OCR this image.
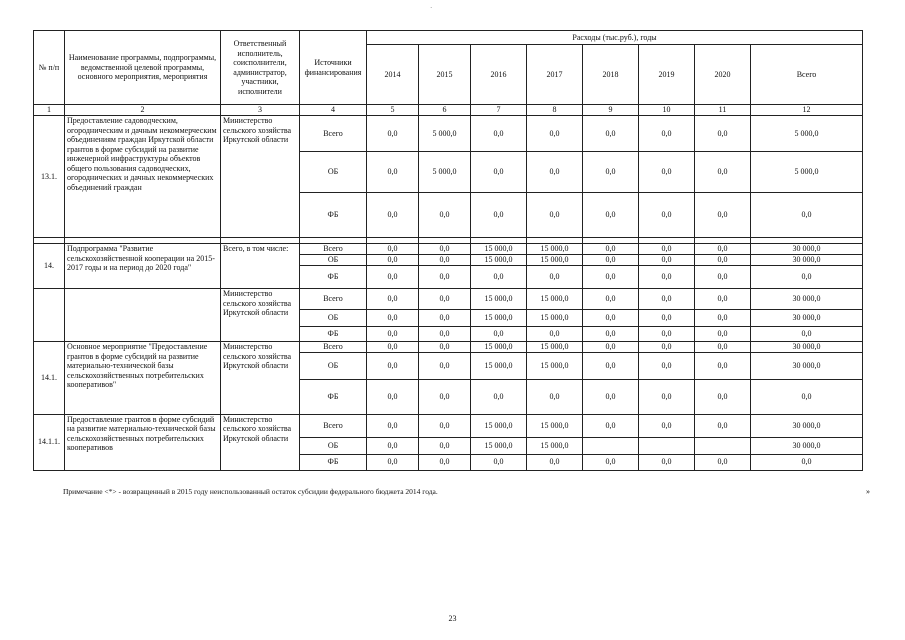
·
№ п/п	Наименование программы, подпрограммы, ведомственной целевой программы, основного мероприятия, мероприятия	Ответственный исполнитель, соисполнители, администратор, участники, исполнители	Источники финансирования	Расходы (тыс.руб.), годы							
				2014	2015	2016	2017	2018	2019	2020	Всего
1	2	3	4	5	6	7	8	9	10	11	12
13.1.	Предоставление садоводческим, огородническим и дачным некоммерческим объединениям граждан Иркутской области грантов в форме субсидий на развитие инженерной инфраструктуры объектов общего пользования садоводческих, огороднических и дачных некоммерческих объединений граждан	Министерство сельского хозяйства Иркутской области	Всего	0,0	5 000,0	0,0	0,0	0,0	0,0	0,0	5 000,0
			ОБ	0,0	5 000,0	0,0	0,0	0,0	0,0	0,0	5 000,0
			ФБ	0,0	0,0	0,0	0,0	0,0	0,0	0,0	0,0

14.	Подпрограмма "Развитие сельскохозяйственной кооперации на 2015-2017 годы и на период до 2020 года"	Всего, в том числе:	Всего	0,0	0,0	15 000,0	15 000,0	0,0	0,0	0,0	30 000,0
			ОБ	0,0	0,0	15 000,0	15 000,0	0,0	0,0	0,0	30 000,0
			ФБ	0,0	0,0	0,0	0,0	0,0	0,0	0,0	0,0
		Министерство сельского хозяйства Иркутской области	Всего	0,0	0,0	15 000,0	15 000,0	0,0	0,0	0,0	30 000,0
			ОБ	0,0	0,0	15 000,0	15 000,0	0,0	0,0	0,0	30 000,0
			ФБ	0,0	0,0	0,0	0,0	0,0	0,0	0,0	0,0
14.1.	Основное мероприятие "Предоставление грантов в форме субсидий на развитие материально-технической базы сельскохозяйственных потребительских кооперативов"	Министерство сельского хозяйства Иркутской области	Всего	0,0	0,0	15 000,0	15 000,0	0,0	0,0	0,0	30 000,0
			ОБ	0,0	0,0	15 000,0	15 000,0	0,0	0,0	0,0	30 000,0
			ФБ	0,0	0,0	0,0	0,0	0,0	0,0	0,0	0,0
14.1.1.	Предоставление грантов в форме субсидий на развитие материально-технической базы сельскохозяйственных потребительских кооперативов	Министерство сельского хозяйства Иркутской области	Всего	0,0	0,0	15 000,0	15 000,0	0,0	0,0	0,0	30 000,0
			ОБ	0,0	0,0	15 000,0	15 000,0				30 000,0
			ФБ	0,0	0,0	0,0	0,0	0,0	0,0	0,0	0,0
Примечание <*> - возвращенный в 2015 году неиспользованный остаток субсидии федерального бюджета 2014 года.	»
23
